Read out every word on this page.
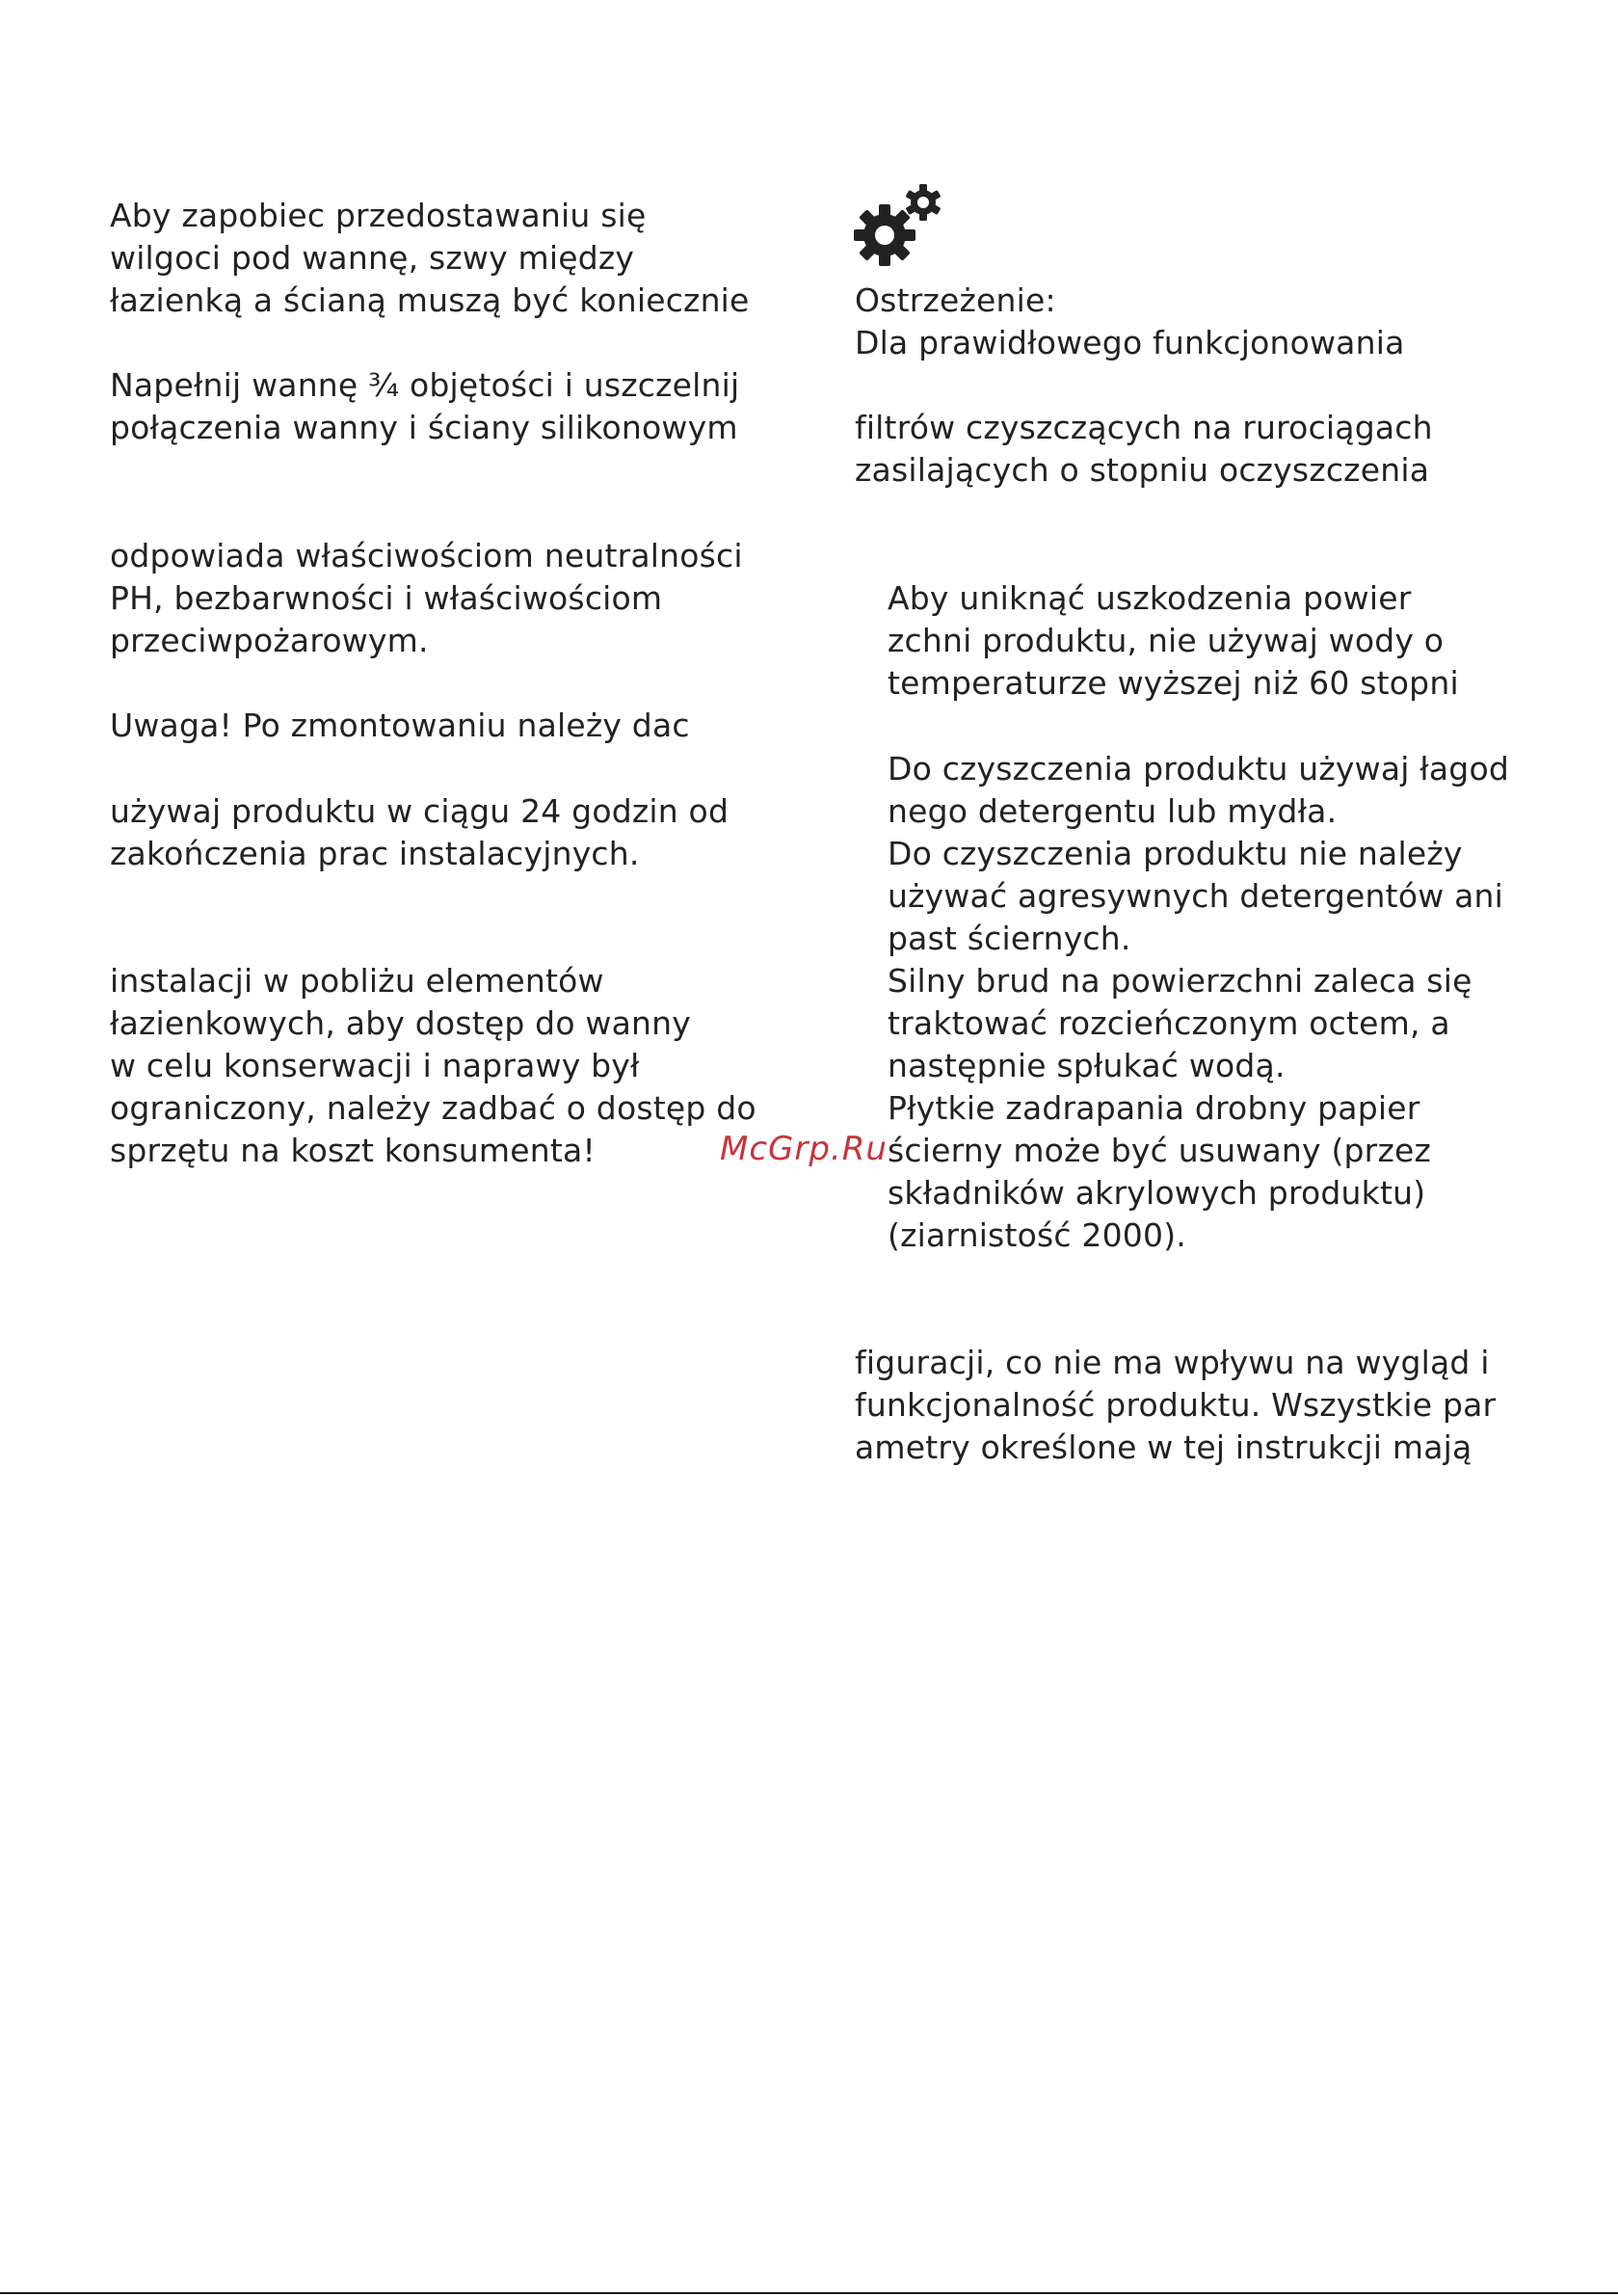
Aby zapobiec przedostawaniu się
wilgoci pod wannę, szwy między
łazienką a ścianą muszą być koniecznie
Napełnij wannę ¾ objętości i uszczelnij
połączenia wanny i ściany silikonowym
odpowiada właściwościom neutralności
PH, bezbarwności i właściwościom
przeciwpożarowym.
Uwaga! Po zmontowaniu należy dac
używaj produktu w ciągu 24 godzin od
zakończenia prac instalacyjnych.
instalacji w pobliżu elementów
łazienkowych, aby dostęp do wanny
w celu konserwacji i naprawy był
ograniczony, należy zadbać o dostęp do
sprzętu na koszt konsumenta!
Ostrzeżenie:
Dla prawidłowego funkcjonowania
filtrów czyszczących na rurociągach
zasilających o stopniu oczyszczenia
Aby uniknąć uszkodzenia powier
zchni produktu, nie używaj wody o
temperaturze wyższej niż 60 stopni
Do czyszczenia produktu używaj łagod
nego detergentu lub mydła.
Do czyszczenia produktu nie należy
używać agresywnych detergentów ani
past ściernych.
Silny brud na powierzchni zaleca się
traktować rozcieńczonym octem, a
następnie spłukać wodą.
Płytkie zadrapania drobny papier
ścierny może być usuwany (przez
składników akrylowych produktu)
(ziarnistość 2000).
figuracji, co nie ma wpływu na wygląd i
funkcjonalność produktu. Wszystkie par
ametry określone w tej instrukcji mają
McGrp.Ru
